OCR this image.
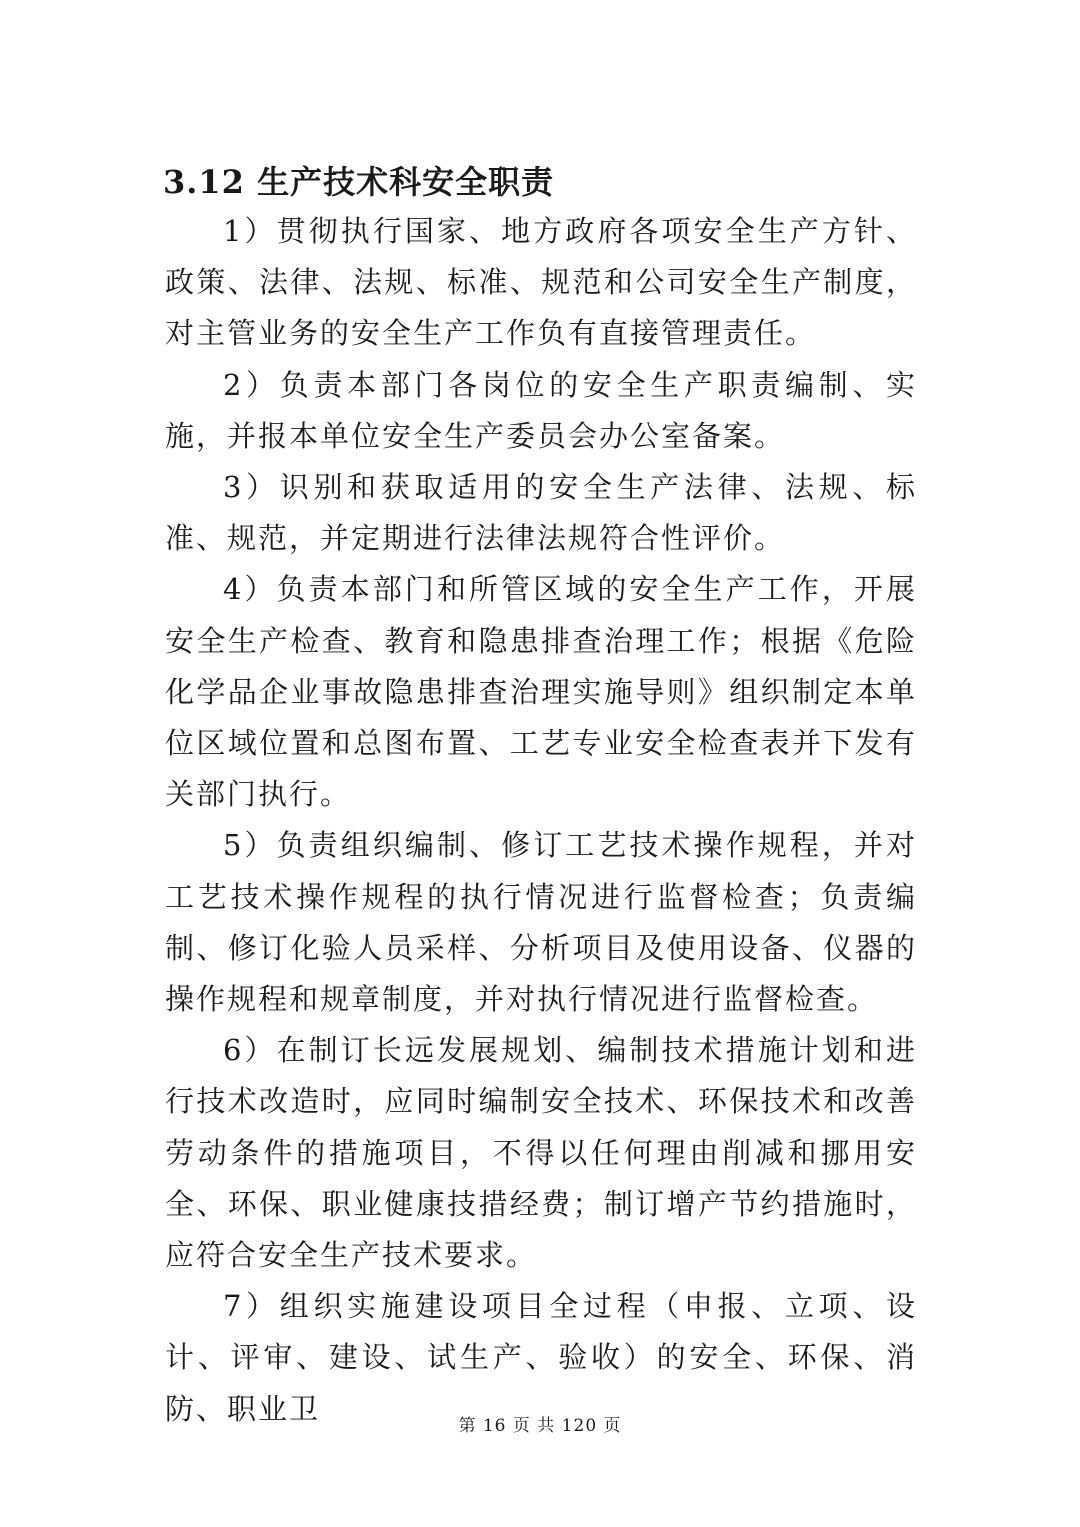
3.12 生产技术科安全职责

1）贯彻执行国家、地方政府各项安全生产方针、政策、法律、法规、标准、规范和公司安全生产制度，对主管业务的安全生产工作负有直接管理责任。

2）负责本部门各岗位的安全生产职责编制、实施，并报本单位安全生产委员会办公室备案。

3）识别和获取适用的安全生产法律、法规、标准、规范，并定期进行法律法规符合性评价。

4）负责本部门和所管区域的安全生产工作，开展安全生产检查、教育和隐患排查治理工作；根据《危险化学品企业事故隐患排查治理实施导则》组织制定本单位区域位置和总图布置、工艺专业安全检查表并下发有关部门执行。

5）负责组织编制、修订工艺技术操作规程，并对工艺技术操作规程的执行情况进行监督检查；负责编制、修订化验人员采样、分析项目及使用设备、仪器的操作规程和规章制度，并对执行情况进行监督检查。

6）在制订长远发展规划、编制技术措施计划和进行技术改造时，应同时编制安全技术、环保技术和改善劳动条件的措施项目，不得以任何理由削减和挪用安全、环保、职业健康技措经费；制订增产节约措施时，应符合安全生产技术要求。

7）组织实施建设项目全过程（申报、立项、设计、评审、建设、试生产、验收）的安全、环保、消防、职业卫

第 16 页 共 120 页
